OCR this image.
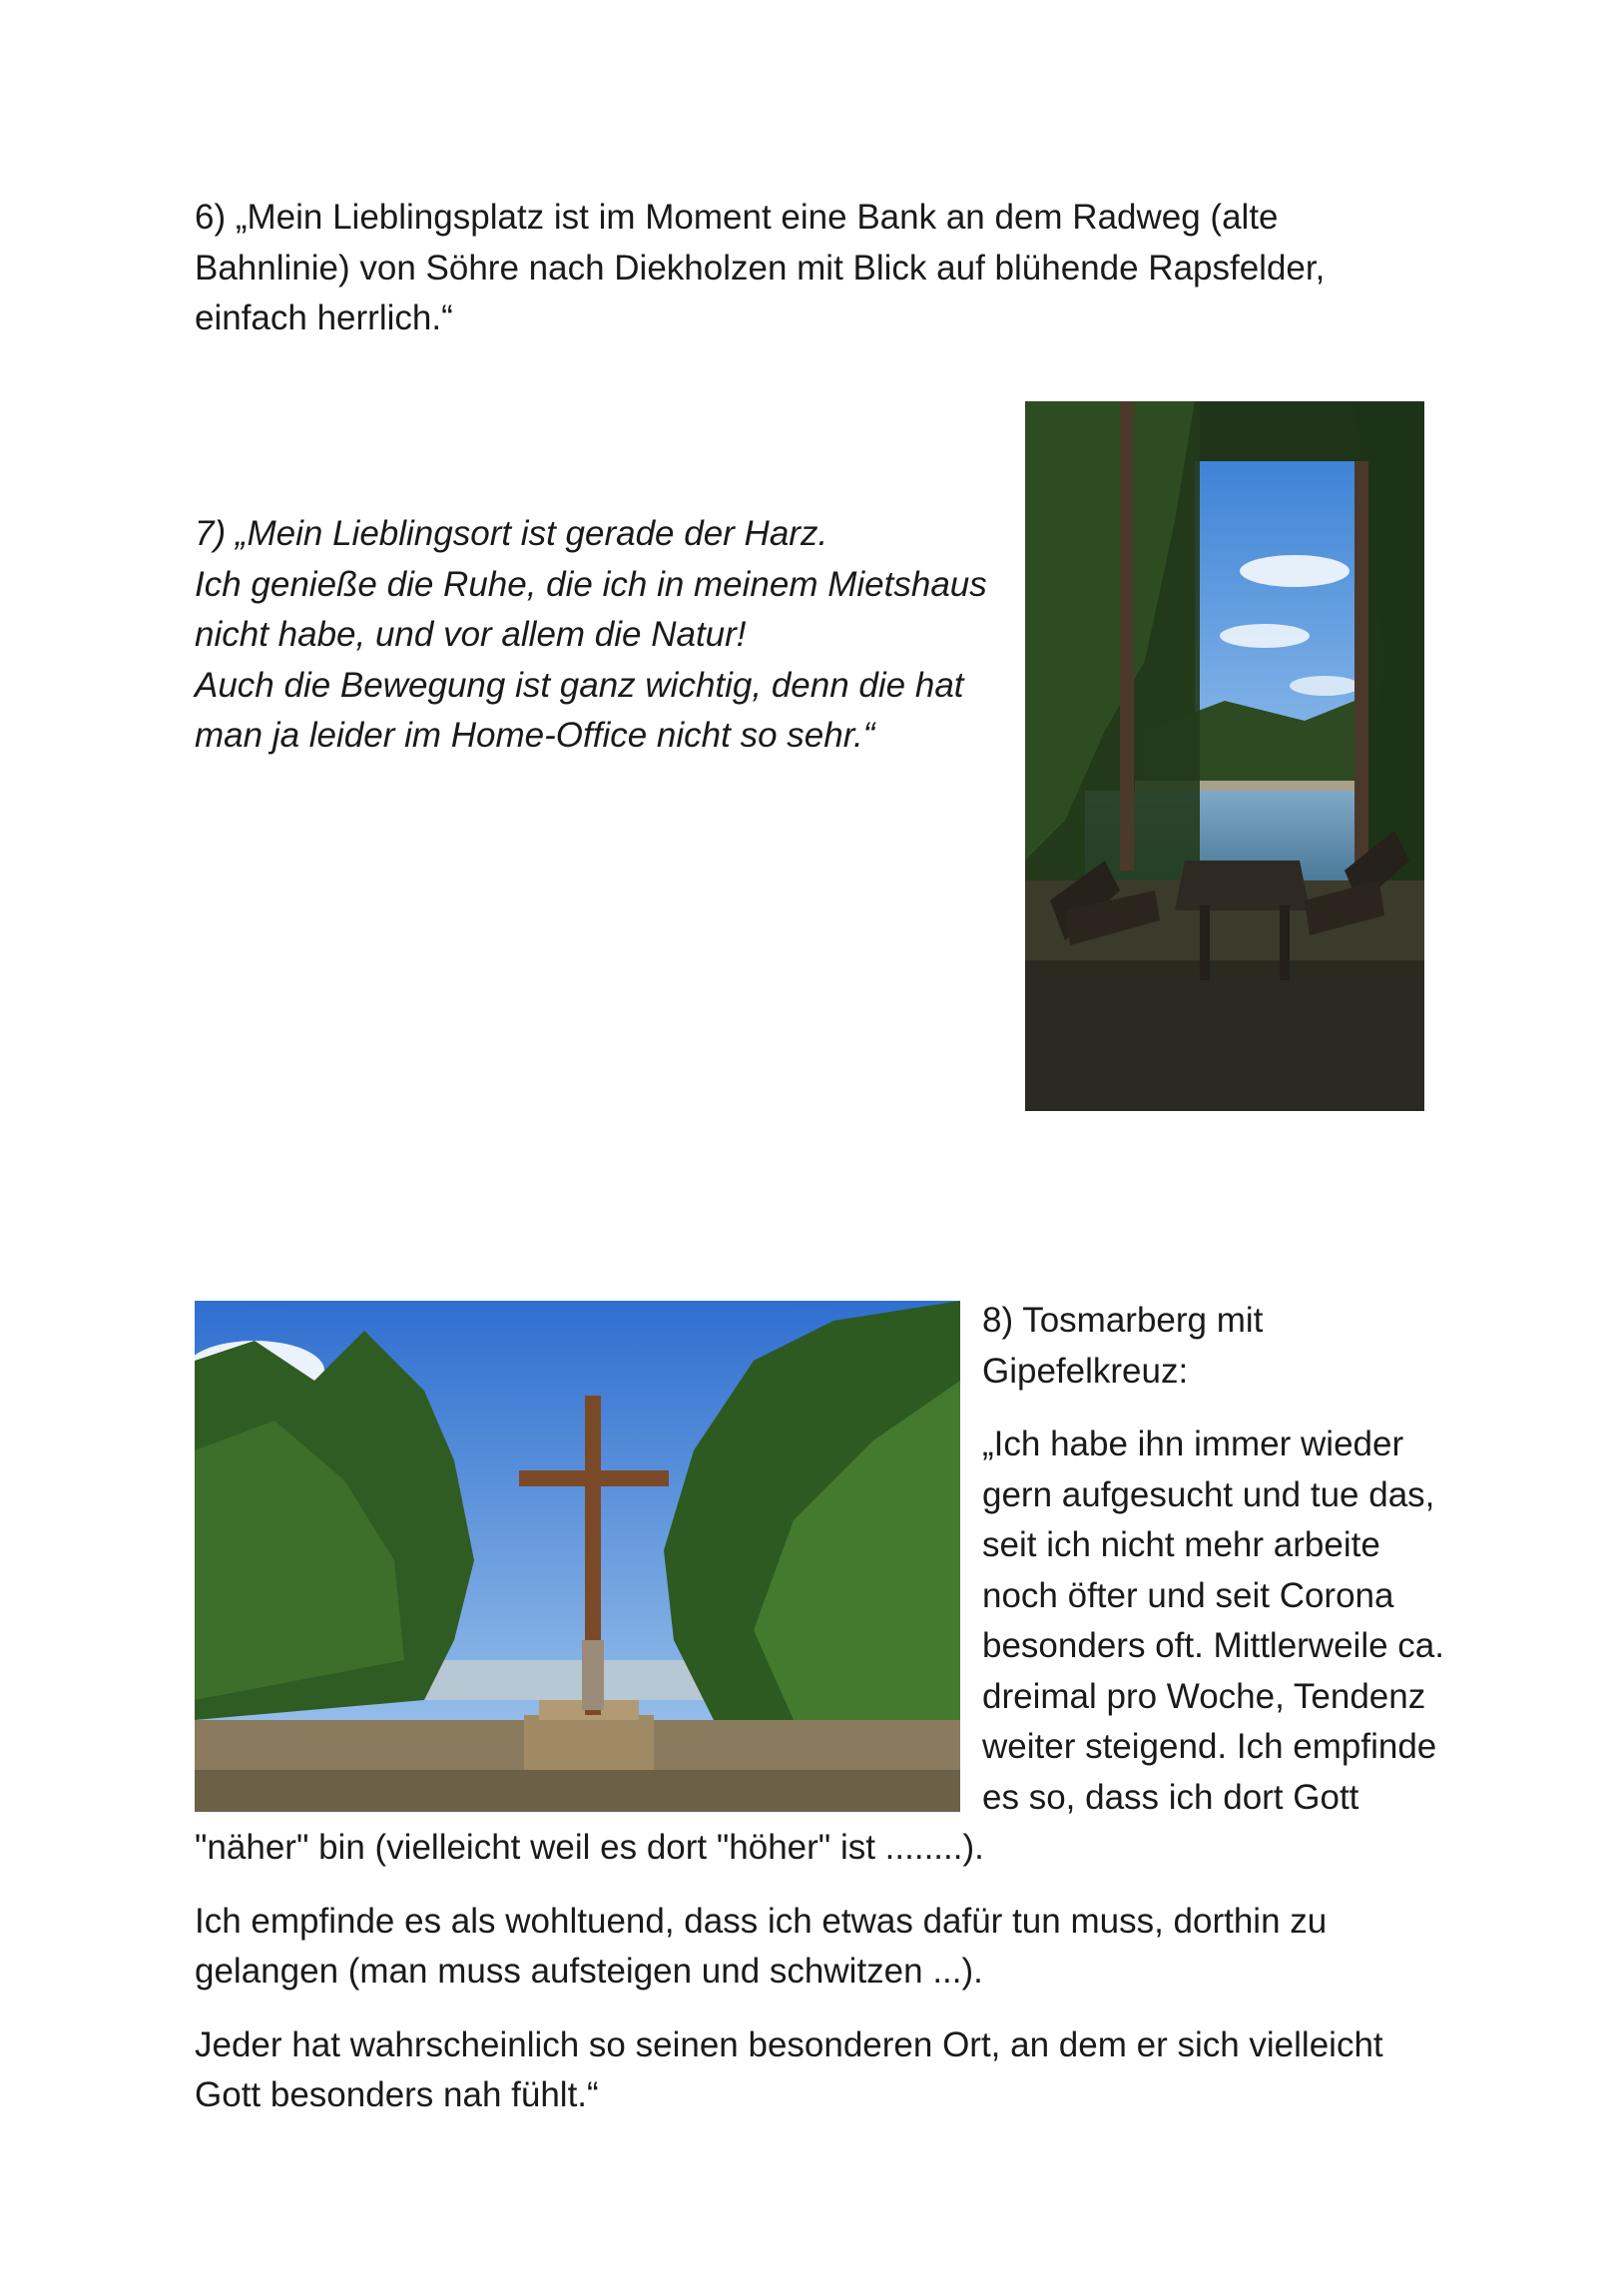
6) „Mein Lieblingsplatz ist im Moment eine Bank an dem Radweg (alte
Bahnlinie) von Söhre nach Diekholzen mit Blick auf blühende Rapsfelder,
einfach herrlich.“
7) „Mein Lieblingsort ist gerade der Harz.
Ich genieße die Ruhe, die ich in meinem Mietshaus
nicht habe, und vor allem die Natur!
Auch die Bewegung ist ganz wichtig, denn die hat
man ja leider im Home-Office nicht so sehr.“

8) Tosmarberg mit
Gipefelkreuz:

„Ich habe ihn immer wieder gern aufgesucht und tue das, seit ich nicht mehr arbeite noch öfter und seit Corona besonders oft. Mittlerweile ca. dreimal pro Woche, Tendenz weiter steigend. Ich empfinde es so, dass ich dort Gott "näher" bin (vielleicht weil es dort "höher" ist ........).

Ich empfinde es als wohltuend, dass ich etwas dafür tun muss, dorthin zu gelangen (man muss aufsteigen und schwitzen ...).

Jeder hat wahrscheinlich so seinen besonderen Ort, an dem er sich vielleicht Gott besonders nah fühlt.“
